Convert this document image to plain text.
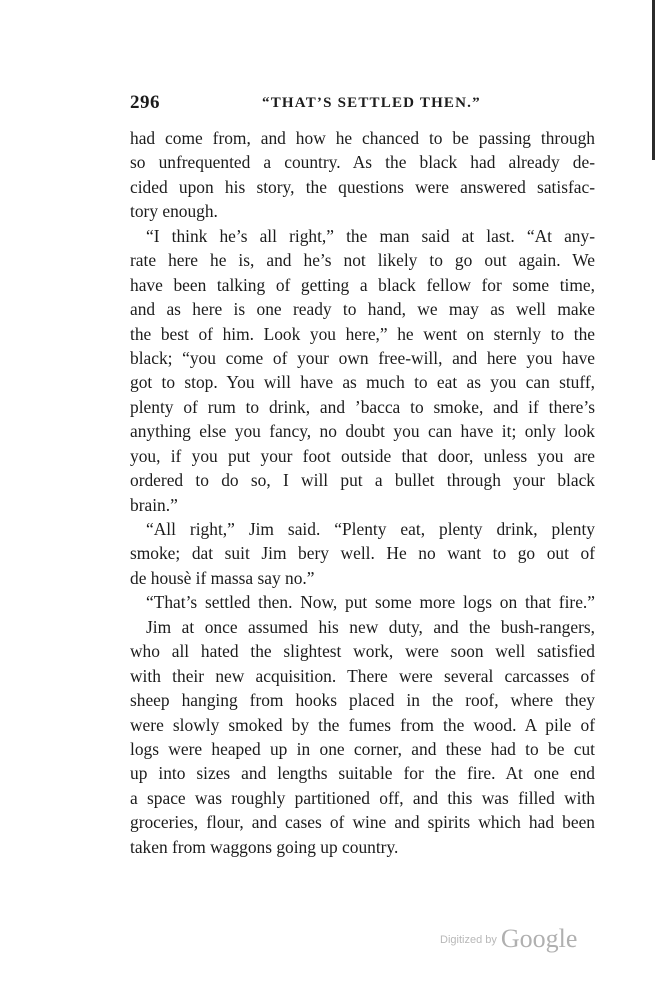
296	“THAT’S SETTLED THEN.”
had come from, and how he chanced to be passing through
so unfrequented a country. As the black had already de-
cided upon his story, the questions were answered satisfac-
tory enough.
“I think he’s all right,” the man said at last. “At any-
rate here he is, and he’s not likely to go out again. We
have been talking of getting a black fellow for some time,
and as here is one ready to hand, we may as well make
the best of him. Look you here,” he went on sternly to the
black; “you come of your own free-will, and here you have
got to stop. You will have as much to eat as you can stuff,
plenty of rum to drink, and ’bacca to smoke, and if there’s
anything else you fancy, no doubt you can have it; only look
you, if you put your foot outside that door, unless you are
ordered to do so, I will put a bullet through your black
brain.”
“All right,” Jim said. “Plenty eat, plenty drink, plenty
smoke; dat suit Jim bery well. He no want to go out of
de housè if massa say no.”
“That’s settled then. Now, put some more logs on that fire.”
Jim at once assumed his new duty, and the bush-rangers,
who all hated the slightest work, were soon well satisfied
with their new acquisition. There were several carcasses of
sheep hanging from hooks placed in the roof, where they
were slowly smoked by the fumes from the wood. A pile of
logs were heaped up in one corner, and these had to be cut
up into sizes and lengths suitable for the fire. At one end
a space was roughly partitioned off, and this was filled with
groceries, flour, and cases of wine and spirits which had been
taken from waggons going up country.
$^{Digitized by}$ Google
